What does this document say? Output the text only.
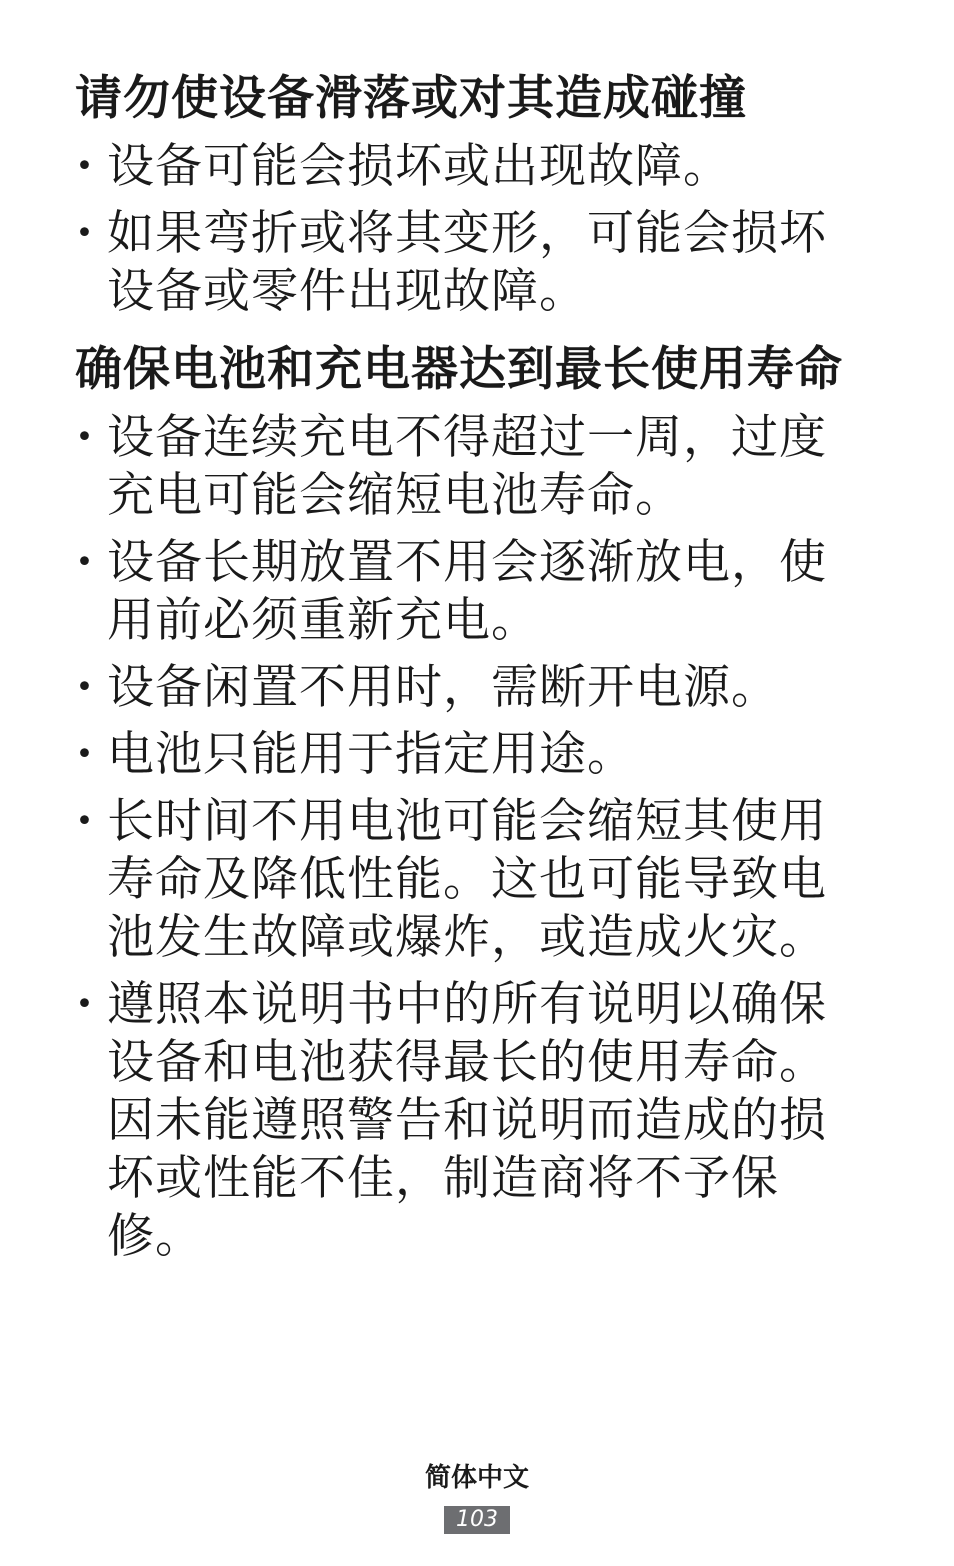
请勿使设备滑落或对其造成碰撞
• 设备可能会损坏或出现故障。
• 如果弯折或将其变形，可能会损坏设备或零件出现故障。
确保电池和充电器达到最长使用寿命
• 设备连续充电不得超过一周，过度充电可能会缩短电池寿命。
• 设备长期放置不用会逐渐放电，使用前必须重新充电。
• 设备闲置不用时，需断开电源。
• 电池只能用于指定用途。
• 长时间不用电池可能会缩短其使用寿命及降低性能。这也可能导致电池发生故障或爆炸，或造成火灾。
• 遵照本说明书中的所有说明以确保设备和电池获得最长的使用寿命。因未能遵照警告和说明而造成的损坏或性能不佳，制造商将不予保修。
简体中文
103
